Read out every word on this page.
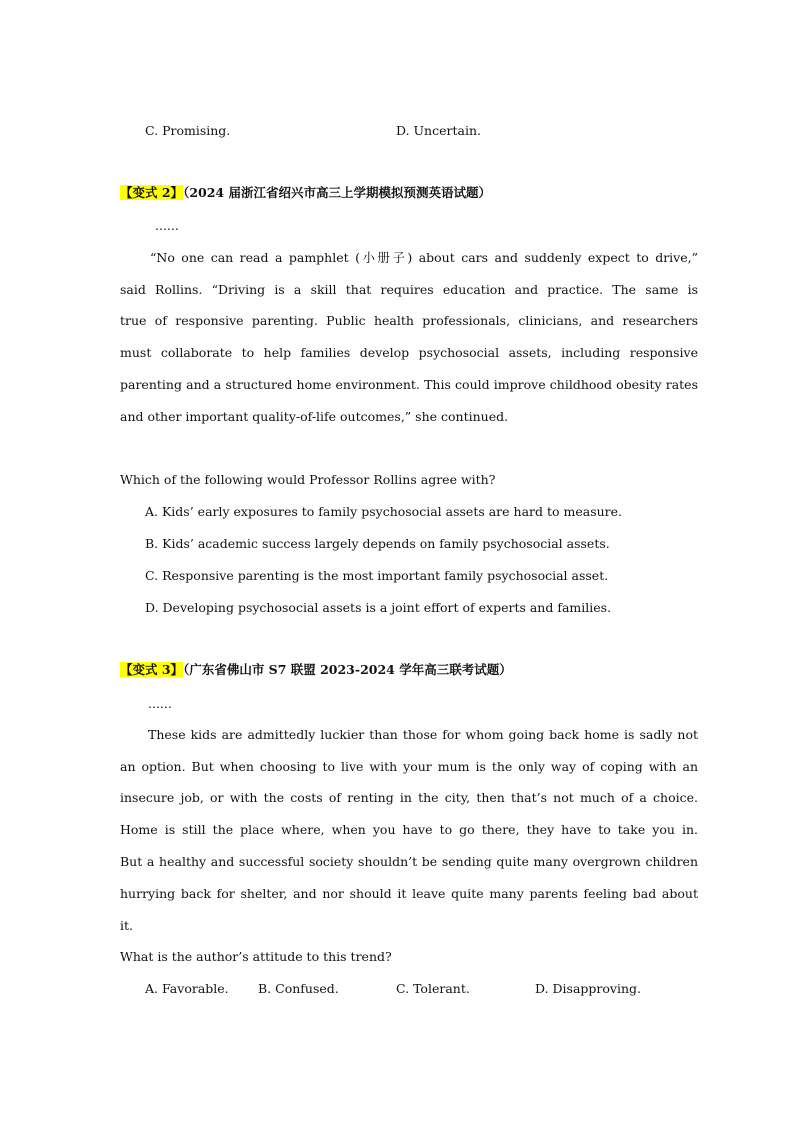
C. Promising.	D. Uncertain.
【变式 2】（2024 届浙江省绍兴市高三上学期模拟预测英语试题）
......
“No one can read a pamphlet (小册子) about cars and suddenly expect to drive,”
said Rollins. “Driving is a skill that requires education and practice. The same is
true of responsive parenting. Public health professionals, clinicians, and researchers
must collaborate to help families develop psychosocial assets, including responsive
parenting and a structured home environment. This could improve childhood obesity rates
and other important quality-of-life outcomes,” she continued.
Which of the following would Professor Rollins agree with?
A. Kids’ early exposures to family psychosocial assets are hard to measure.
B. Kids’ academic success largely depends on family psychosocial assets.
C. Responsive parenting is the most important family psychosocial asset.
D. Developing psychosocial assets is a joint effort of experts and families.
【变式 3】（广东省佛山市 S7 联盟 2023-2024 学年高三联考试题）
......
These kids are admittedly luckier than those for whom going back home is sadly not
an option. But when choosing to live with your mum is the only way of coping with an
insecure job, or with the costs of renting in the city, then that’s not much of a choice.
Home is still the place where, when you have to go there, they have to take you in.
But a healthy and successful society shouldn’t be sending quite many overgrown children
hurrying back for shelter, and nor should it leave quite many parents feeling bad about
it.
What is the author’s attitude to this trend?
A. Favorable. B. Confused.	C. Tolerant.	D. Disapproving.
